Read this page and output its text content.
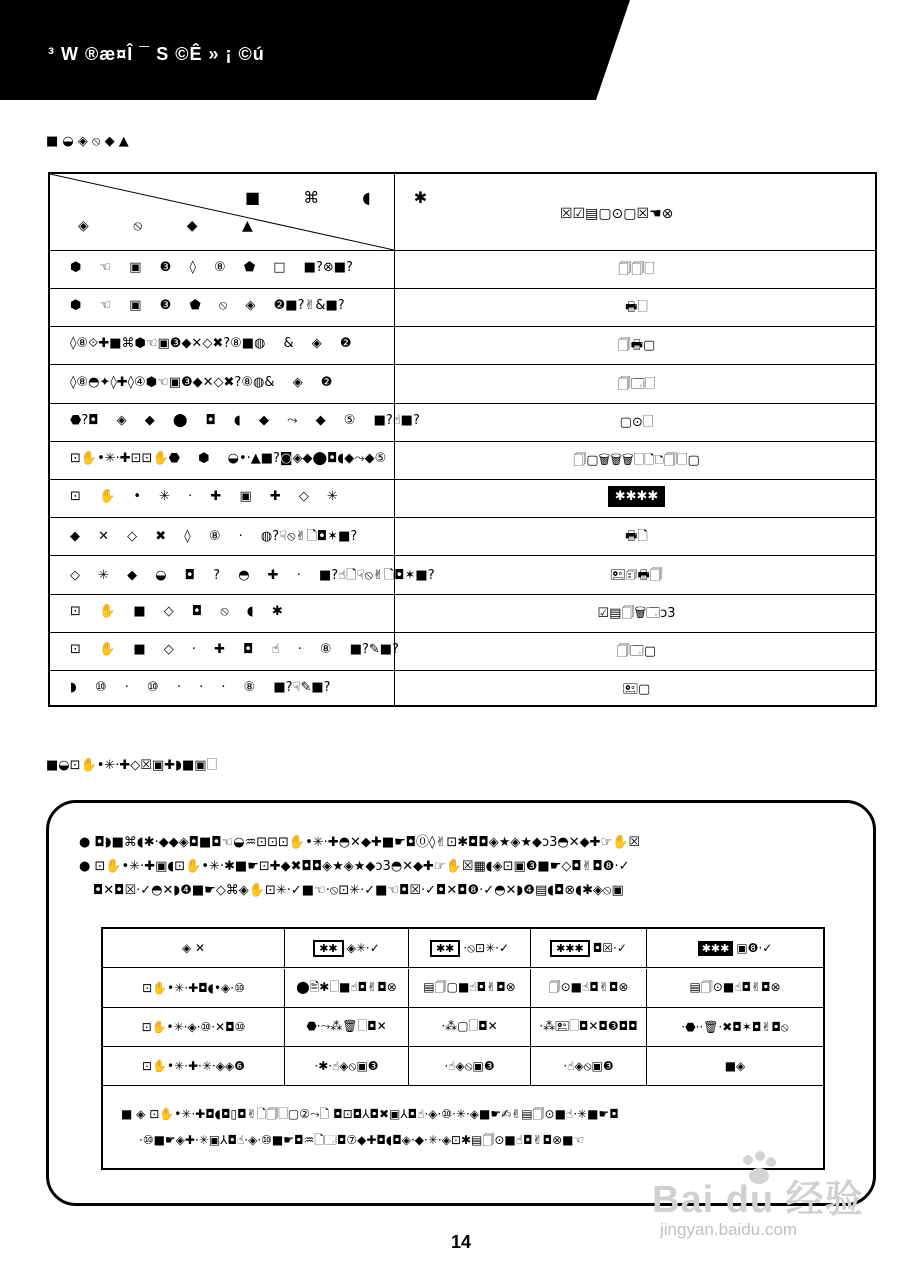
³ W ®æ¤Î ¯ S ©Ê » ¡ ©ú
■ ◒ ◈ ⦸ ◆ ▲
■ ⌘ ◖ ✱
◈ ⦸ ◆ ▲
☒☑▤▢⊙▢☒☚⊗
⬢ ☜ ▣ ❸ ◊ ⑧ ⬟ □ ■?⊗■?	🗍🗍🗌
⬢ ☜ ▣ ❸ ⬟ ⦸ ◈ ❷■?✌&■?	🖶🗌
◊⑧⟐✚■⌘⬢☜▣❸◆✕◇✖?⑧■◍ & ◈ ❷	🗍🖶▢
◊⑧◓✦◊✚◊④⬢☜▣❸◆✕◇✖?⑧◍& ◈ ❷	🗍🗔🗌
⬣?◘ ◈ ◆ ⬤ ◘ ◖ ◆ ⤳ ◆ ⑤ ■?☝■?	▢⊙🗌
⊡✋•✳·✚⊡⊡✋⬣ ⬢ ◒•·▲■?◙◈◆⬤◘◖◆⤳◆⑤	🗍▢🗑🗑🗑🗌🗋🗅🗍🗌▢
⊡ ✋ • ✳ · ✚ ▣ ✚ ◇ ✳	✱✱✱✱
◆ ✕ ◇ ✖ ◊ ⑧ · ◍?☟⦸✌🗋◘✶■?	🖶🗋
◇ ✳ ◆ ◒ ◘ ? ◓ ✚ · ■?☝🗋☟⦸✌🗋◘✶■?	🖭🗊🖶🗍
⊡ ✋ ■ ◇ ◘ ⦸ ◖ ✱	☑▤🗍🗑🗔ↄ3
⊡ ✋ ■ ◇ · ✚ ◘ ☝ · ⑧ ■?✎■?	🗍🗔▢
◗ ⑩ · ⑩ · · · ⑧ ■?☟✎■?	🖭▢
■◒⊡✋•✳·✚◇☒▣✚◗■▣🗌
● ◘◗■⌘◖✱·◆◆◈◘■◘☜◒♒⊡⊡⊡✋•✳·✚◓✕◆✚■☛◘⓪◊✌⊡✱◘◘◈★◈★◆ↄ3◓✕◆✚☞✋☒
● ⊡✋•✳·✚▣◖⊡✋•✳·✱■☛⊡✚◆✖◘◘◈★◈★◆ↄ3◓✕◆✚☞✋☒▦◖◈⊡▣❸■☛◇◘✌◘❽·✓
◘✕◘☒·✓◓✕◗❹■☛◇⌘◈✋⊡✳·✓■☜·⦸⊡✳·✓■☜◘☒·✓◘✕◘❽·✓◓✕◗❹▤◖◘⊗◖✱◈⦸▣
◈ ✕	✱✱ ◈✳·✓	✱✱ ·⦸⊡✳·✓	✱✱✱ ◘☒·✓	✱✱✱ ▣❽·✓
⊡✋•✳·✚◘◖•◈·⑩	⬤🖹✱🗌■☝◘✌◘⊗	▤🗍▢■☝◘✌◘⊗	🗍⊙■☝◘✌◘⊗	▤🗍⊙■☝◘✌◘⊗
⊡✋•✳·◈·⑩·✕◘⑩	⬣·⤳⁂🗑🗌◘✕	·⁂▢🗌◘✕	·⁂🖭🗌◘✕◘❸◘◘	·⬣··🗑·✖◘✶◘✌◘⦸
⊡✋•✳·✚·✳·◈◈❻	·✱·☝◈⦸▣❸	·☝◈⦸▣❸	·☝◈⦸▣❸	■◈
■ ◈ ⊡✋•✳·✚◘◖◘▯◘✌🗋🗍🗌▢②⤳🗋 ◘⊡◘⅄◘✖▣⅄◘☝·◈·⑩·✳·◈■☛✍✌▤🗍⊙■☝·✳■☛◘
·⑩■☛◈✚·✳▣⅄◘☝·◈·⑩■☛◘♒🗋🗔◘⑦◆✚◘◖◘◈·◆·✳·◈⊡✱▤🗍⊙■☝◘✌◘⊗■☜
14
Bai du 经验
jingyan.baidu.com
